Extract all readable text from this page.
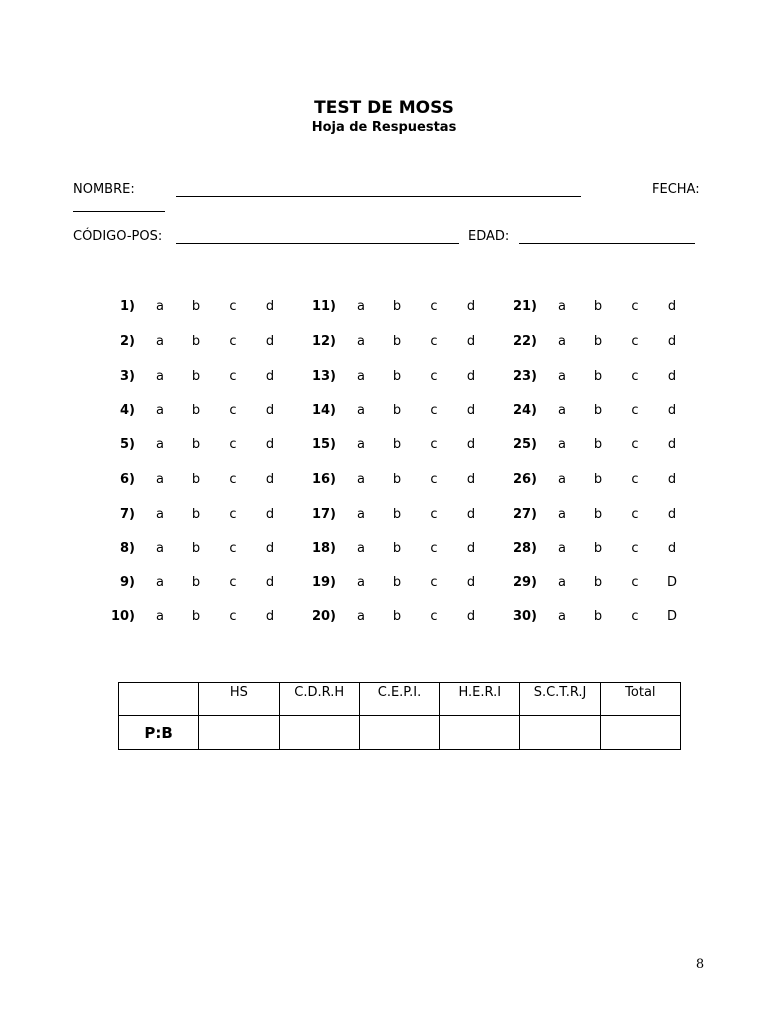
TEST DE MOSS
Hoja de Respuestas
NOMBRE:	FECHA:
CÓDIGO-POS:	EDAD:
1) a b c d
2) a b c d
3) a b c d
4) a b c d
5) a b c d
6) a b c d
7) a b c d
8) a b c d
9) a b c d
10) a b c d
11) a b c d
12) a b c d
13) a b c d
14) a b c d
15) a b c d
16) a b c d
17) a b c d
18) a b c d
19) a b c d
20) a b c d
21) a b c d
22) a b c d
23) a b c d
24) a b c d
25) a b c d
26) a b c d
27) a b c d
28) a b c d
29) a b c D
30) a b c D
	HS	C.D.R.H	C.E.P.I.	H.E.R.I	S.C.T.R.J	Total
P:B						
8
